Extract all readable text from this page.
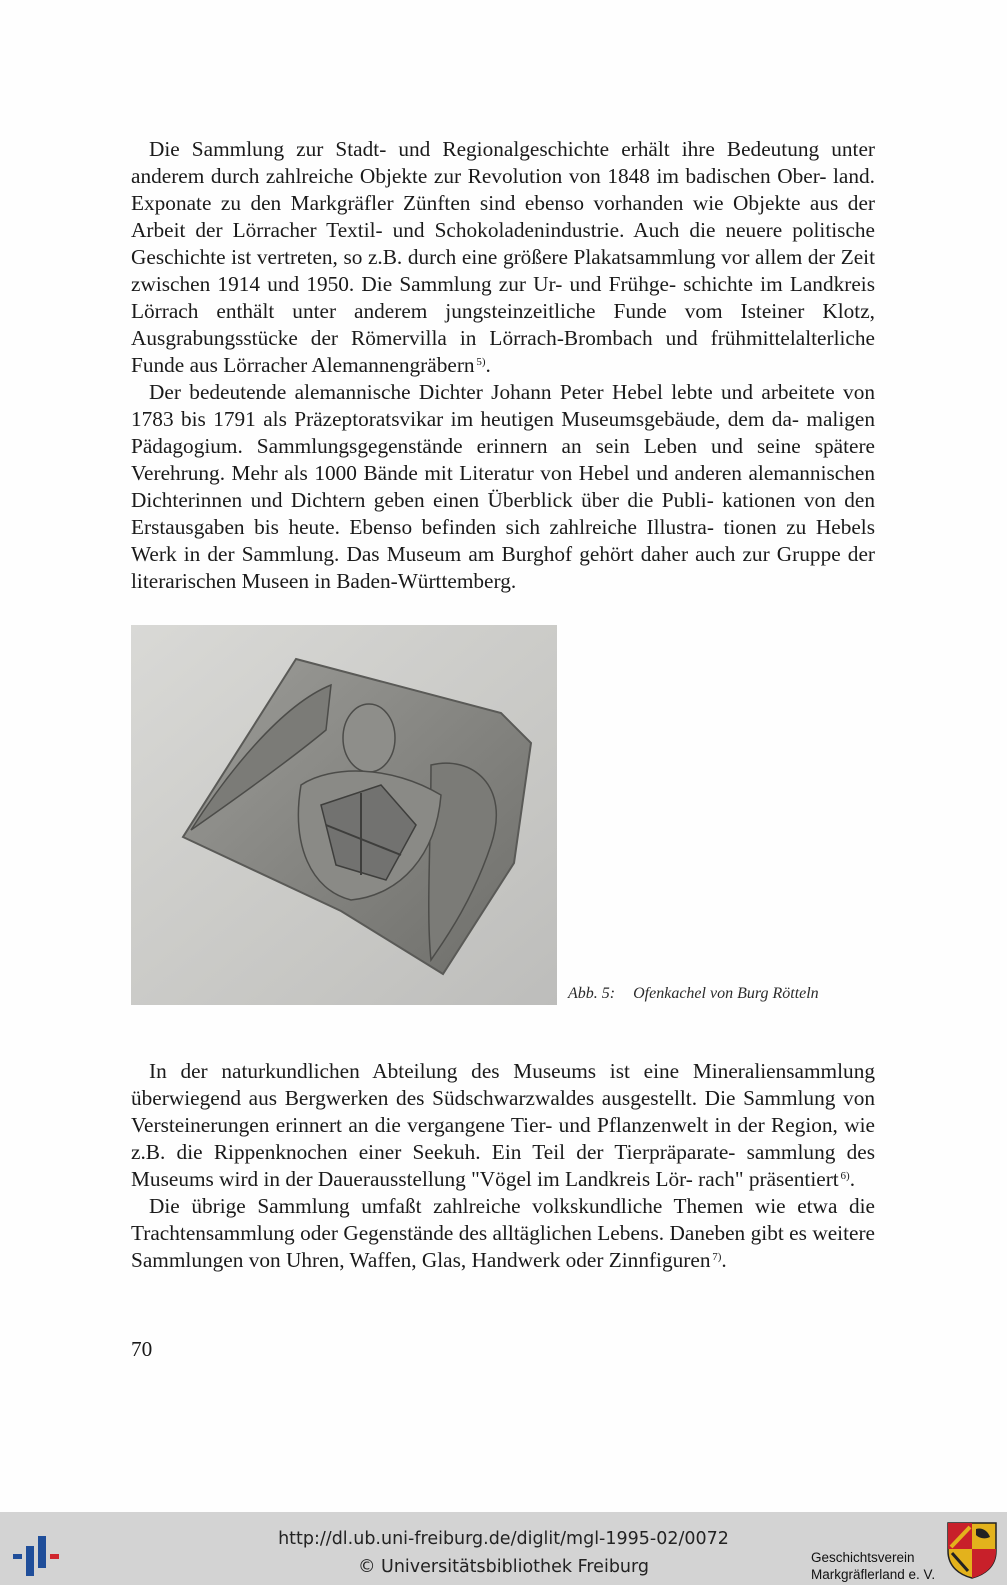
Die Sammlung zur Stadt- und Regionalgeschichte erhält ihre Bedeutung unter anderem durch zahlreiche Objekte zur Revolution von 1848 im badischen Ober- land. Exponate zu den Markgräfler Zünften sind ebenso vorhanden wie Objekte aus der Arbeit der Lörracher Textil- und Schokoladenindustrie. Auch die neuere politische Geschichte ist vertreten, so z.B. durch eine größere Plakatsammlung vor allem der Zeit zwischen 1914 und 1950. Die Sammlung zur Ur- und Frühge- schichte im Landkreis Lörrach enthält unter anderem jungsteinzeitliche Funde vom Isteiner Klotz, Ausgrabungsstücke der Römervilla in Lörrach-Brombach und frühmittelalterliche Funde aus Lörracher Alemannengräbern  $^{5)}$.

Der bedeutende alemannische Dichter Johann Peter Hebel lebte und arbeitete von 1783 bis 1791 als Präzeptoratsvikar im heutigen Museumsgebäude, dem da- maligen Pädagogium. Sammlungsgegenstände erinnern an sein Leben und seine spätere Verehrung. Mehr als 1000 Bände mit Literatur von Hebel und anderen alemannischen Dichterinnen und Dichtern geben einen Überblick über die Publi- kationen von den Erstausgaben bis heute. Ebenso befinden sich zahlreiche Illustra- tionen zu Hebels Werk in der Sammlung. Das Museum am Burghof gehört daher auch zur Gruppe der literarischen Museen in Baden-Württemberg.

Abb. 5: Ofenkachel von Burg Rötteln

In der naturkundlichen Abteilung des Museums ist eine Mineraliensammlung überwiegend aus Bergwerken des Südschwarzwaldes ausgestellt. Die Sammlung von Versteinerungen erinnert an die vergangene Tier- und Pflanzenwelt in der Region, wie z.B. die Rippenknochen einer Seekuh. Ein Teil der Tierpräparate- sammlung des Museums wird in der Dauerausstellung "Vögel im Landkreis Lör- rach" präsentiert  $^{6)}$.

Die übrige Sammlung umfaßt zahlreiche volkskundliche Themen wie etwa die Trachtensammlung oder Gegenstände des alltäglichen Lebens. Daneben gibt es weitere Sammlungen von Uhren, Waffen, Glas, Handwerk oder Zinnfiguren  $^{7)}$.

70
http://dl.ub.uni-freiburg.de/diglit/mgl-1995-02/0072
© Universitätsbibliothek Freiburg	Geschichtsverein
Markgräflerland e. V.
